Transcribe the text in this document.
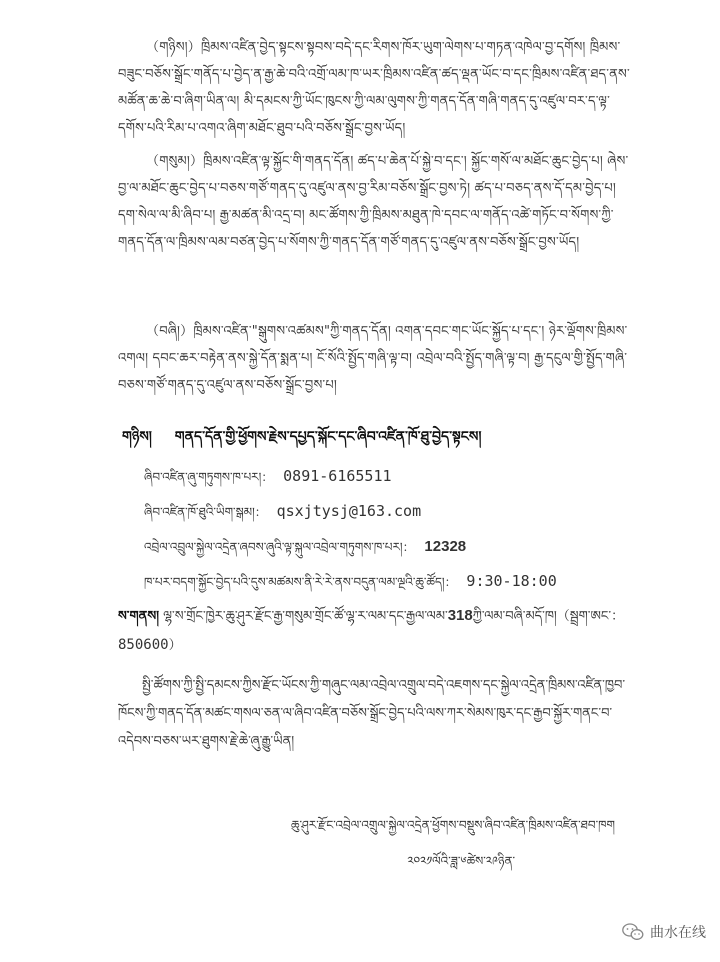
（གཉིས།）ཁྲིམས་འཛིན་བྱེད་སྟངས་སྟབས་བདེ་དང་རིགས་ཁོར་ཡུག་ལེགས་པ་གཏན་འཁེལ་བྱ་དགོས། ཁྲིམས་བཟུང་བཅོས་སྒྲོང་གནོད་པ་བྱེད་ན་རྒྱ་ཆེ་བའི་འགྲོ་ལམ་ཁ་ཡར་ཁྲིམས་འཛིན་ཚད་ལྡན་ཡོང་བ་དང་ཁྲིམས་འཛིན་ཐད་ནས་མཚོན་ཆ་ཆེ་བ་ཞིག་ཡིན་ལ། མི་དམངས་ཀྱི་ཡོང་ཁུངས་ཀྱི་ལམ་ལུགས་ཀྱི་གནད་དོན་གཞི་གནད་དུ་འཛུལ་བར་ད་ལྟ་དགོས་པའི་རིམ་པ་འགའ་ཞིག་མཐོང་ཐུབ་པའི་བཅོས་སྒྲོང་བྱས་ཡོད།
（གསུམ།）ཁྲིམས་འཛིན་ལྟ་སྐྱོང་གི་གནད་དོན། ཚད་པ་ཆེན་པོ་སྐྱེ་བ་དང་། སྐྱོང་གསོ་ལ་མཐོང་ཆུང་བྱེད་པ། ཞེས་བྱ་ལ་མཐོང་ཆུང་བྱེད་པ་བཅས་གཙོ་གནད་དུ་འཛུལ་ནས་བྱ་རིམ་བཅོས་སྒྲོང་བྱས་ཏེ། ཚད་པ་བཅད་ནས་དོ་དམ་བྱེད་པ། དག་སེལ་ལ་མི་ཞིབ་པ། རྒྱ་མཚན་མི་འདྲ་བ། མང་ཚོགས་ཀྱི་ཁྲིམས་མཐུན་ཁེ་དབང་ལ་གནོད་འཚེ་གཏོང་བ་སོགས་ཀྱི་གནད་དོན་ལ་ཁྲིམས་ལམ་བཙན་བྱེད་པ་སོགས་ཀྱི་གནད་དོན་གཙོ་གནད་དུ་འཛུལ་ནས་བཅོས་སྒྲོང་བྱས་ཡོད།
（བཞི།）ཁྲིམས་འཛིན་"སྒུགས་འཚམས"ཀྱི་གནད་དོན། འགན་དབང་གང་ཡོང་སྐྱོད་པ་དང་། ཉེར་ལྡོགས་ཁྲིམས་འགལ། དབང་ཆར་བརྟེན་ནས་སྐྱེ་དོན་སྨན་པ། ངོ་སོའི་སྤྱོད་གཞི་ལྟ་བ། འབྲེལ་བའི་སྤྱོད་གཞི་ལྟ་བ། རྒྱ་དངུལ་གྱི་སྤྱོད་གཞི་བཅས་གཙོ་གནད་དུ་འཛུལ་ནས་བཅོས་སྒྲོང་བྱས་པ།
གཉིས། གནད་དོན་གྱི་ཕྱོགས་རྗེས་དཔྱད་སྐོང་དང་ཞིབ་འཛིན་ཁོ་ཐུ་བྱེད་སྟངས།
ཞིབ་འཛིན་ཞུ་གཏུགས་ཁ་པར།： 0891-6165511
ཞིབ་འཛིན་ཁོ་ཐུའི་ཡིག་སྒམ།： qsxjtysj@163.com
འབྲེལ་འབྲུལ་སྐྱེལ་འདྲེན་ཞབས་ཞུའི་ལྟ་སྐུལ་འབྲེལ་གཏུགས་ཁ་པར།： 12328
ཁ་པར་བདག་སྐྱོང་བྱེད་པའི་དུས་མཚམས་ནི་རེ་རེ་ནས་བདུན་ལམ་ལྔའི་ཆུ་ཚོད།： 9:30-18:00
ས་གནས། ལྷ་ས་གྲོང་ཁྱེར་ཆུ་ཤུར་རྫོང་རྒྱ་གསུམ་གྲོང་ཚོ་ལྷ་ར་ལམ་དང་རྒྱལ་ལམ་318ཀྱི་ལམ་བཞི་མདོ་ཁ།（སྦྲག་ཨང་：850600）
སྤྱི་ཚོགས་ཀྱི་སྤྱི་དམངས་ཀྱིས་རྫོང་ཡོངས་ཀྱི་གཞུང་ལམ་འབྲེལ་འགྲུལ་བདེ་འཇགས་དང་སྐྱེལ་འདྲེན་ཁྲིམས་འཛིན་ཁྱབ་ཁོངས་ཀྱི་གནད་དོན་མཚང་གསལ་ཅན་ལ་ཞིབ་འཛིན་བཅོས་སྒྲོང་བྱེད་པའི་ལས་ཀར་སེམས་ཁུར་དང་རྒྱབ་སྐྱོར་གནང་བ་འདེབས་བཅས་ཡར་ཐུགས་རྗེ་ཆེ་ཞུ་རྒྱུ་ཡིན།
ཆུ་ཤུར་རྫོང་འབྲེལ་འགྲུལ་སྐྱེལ་འདྲེན་ཕྱོགས་བསྡུས་ཞིབ་འཛིན་ཁྲིམས་འཛིན་ཐབ་ཁག
༢༠༢༡ལོའི་ཟླ་༦ཚེས་༢༩ཉིན་
曲水在线
